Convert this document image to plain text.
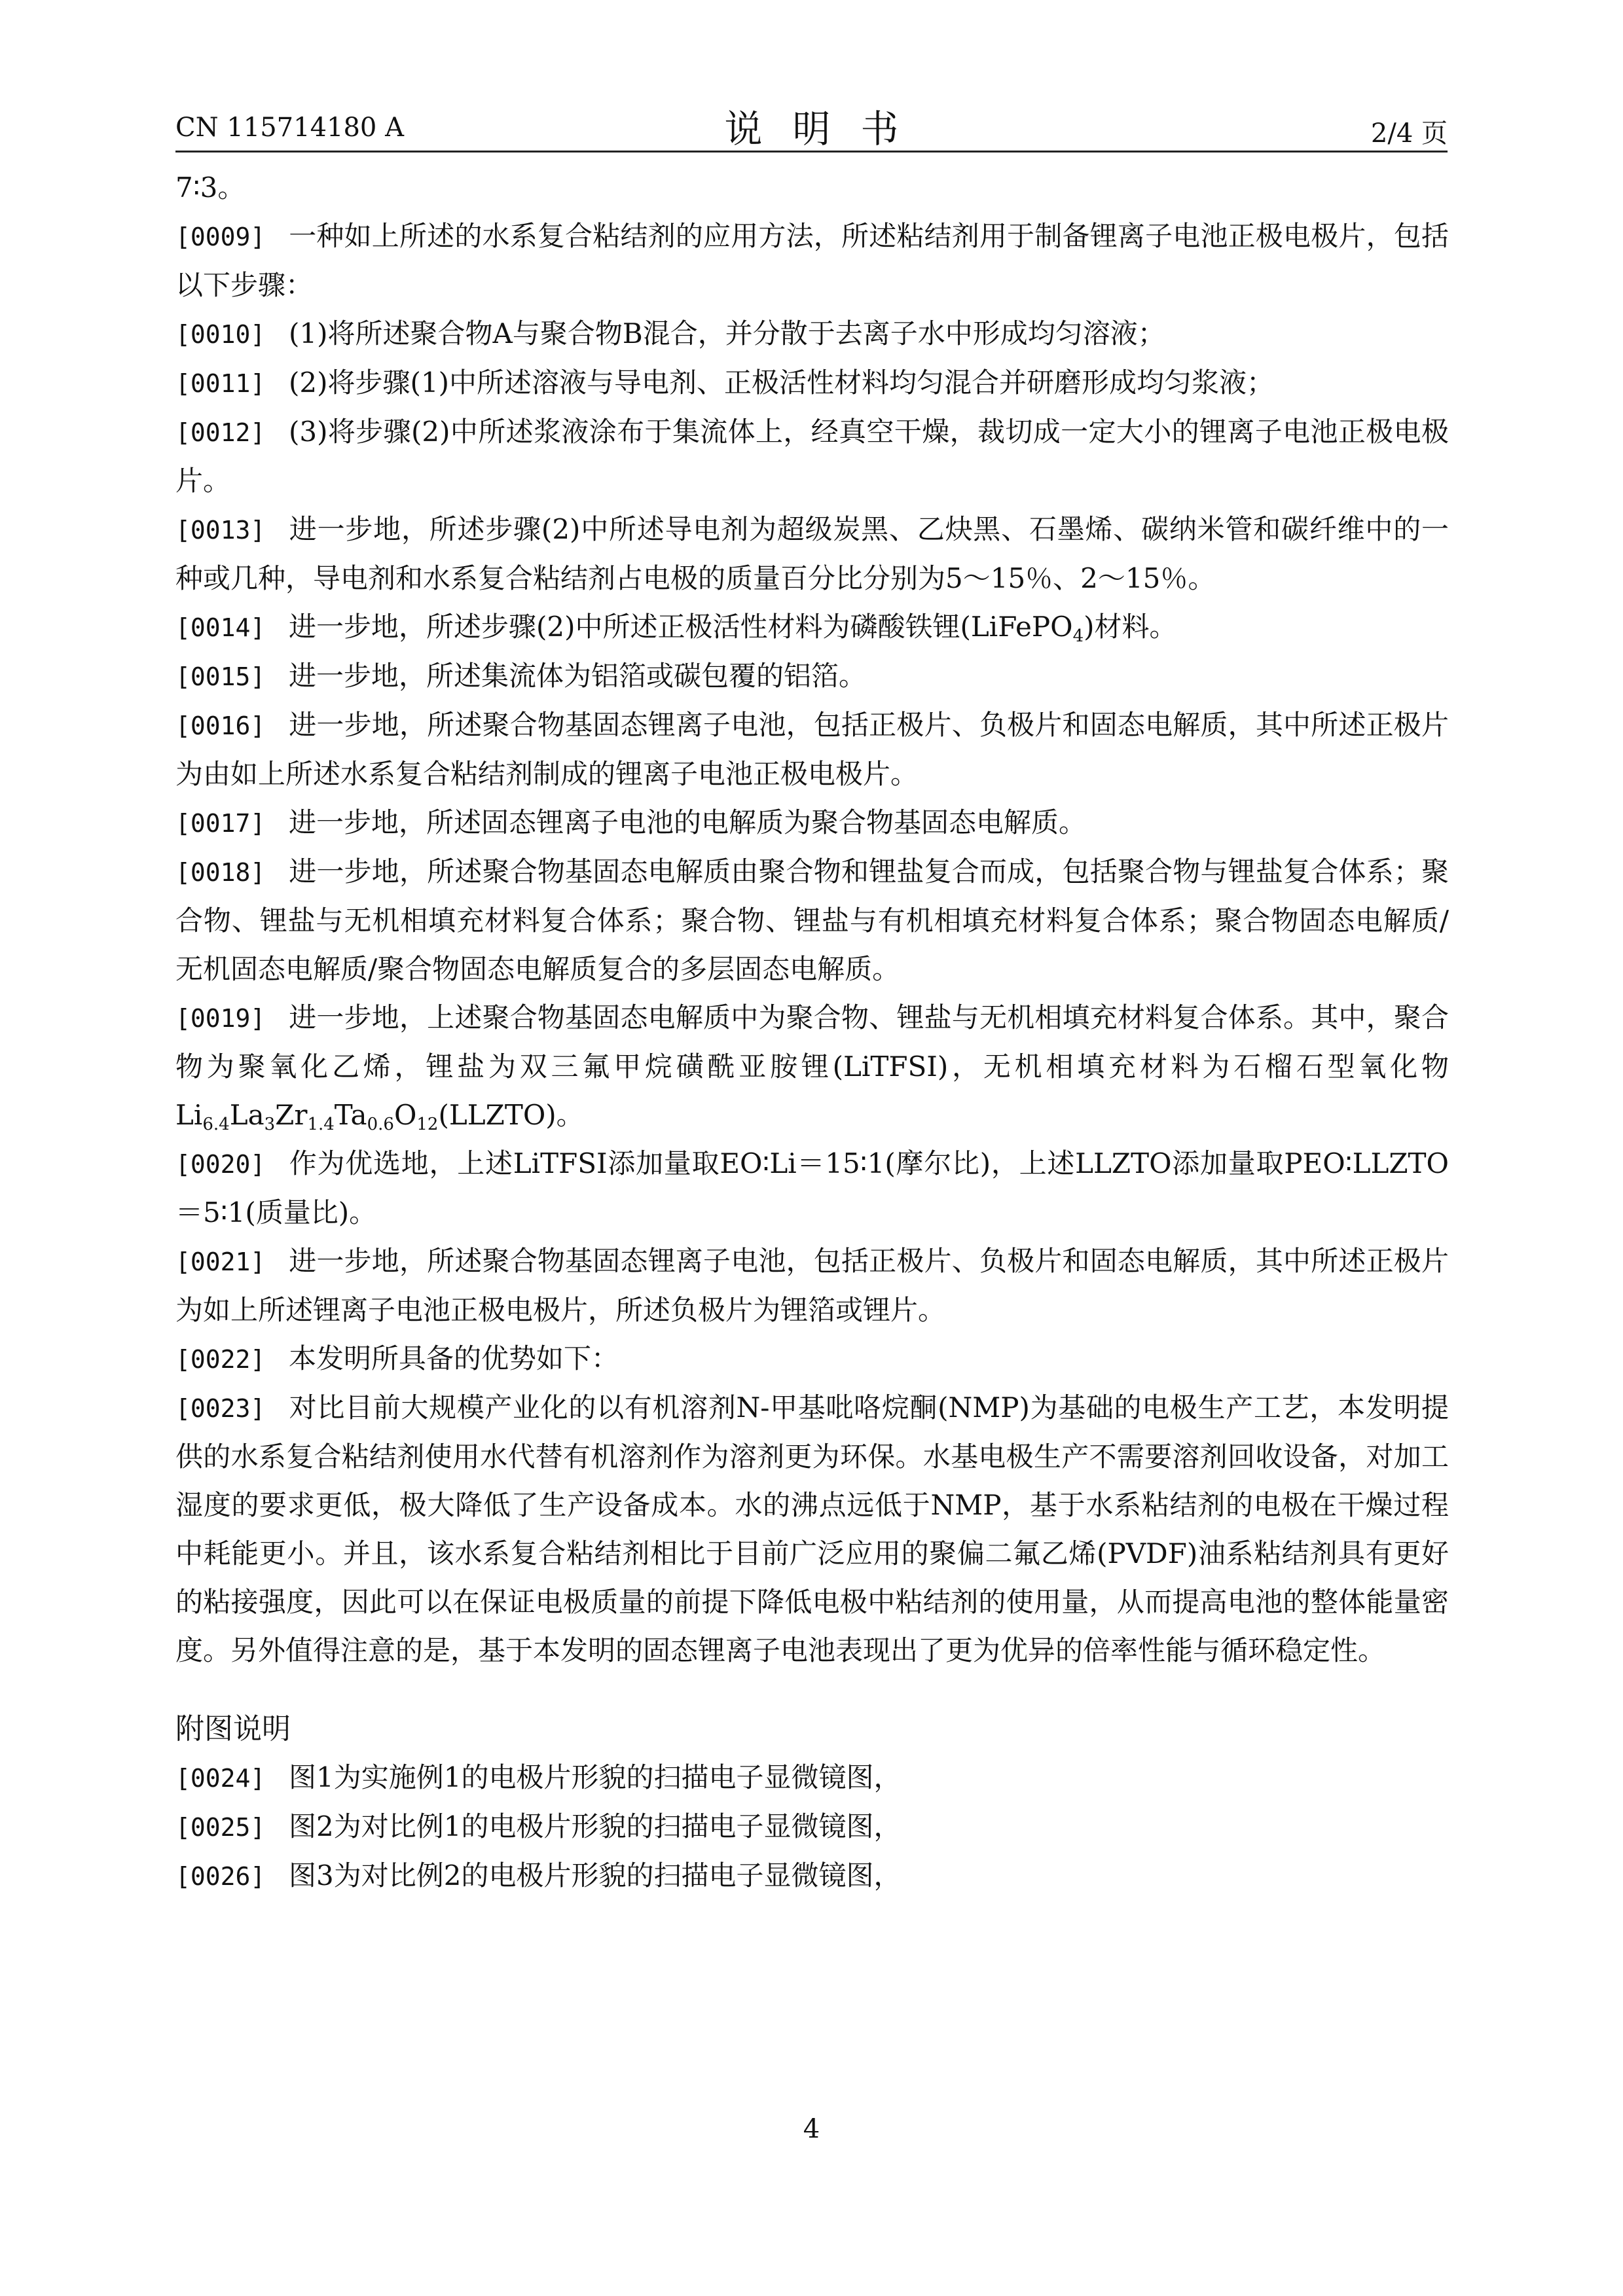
CN 115714180 A	说明书	2/4 页
7∶3。
[0009] 一种如上所述的水系复合粘结剂的应用方法，所述粘结剂用于制备锂离子电池正极电极片，包括以下步骤：
[0010] (1)将所述聚合物A与聚合物B混合，并分散于去离子水中形成均匀溶液；
[0011] (2)将步骤(1)中所述溶液与导电剂、正极活性材料均匀混合并研磨形成均匀浆液；
[0012] (3)将步骤(2)中所述浆液涂布于集流体上，经真空干燥，裁切成一定大小的锂离子电池正极电极片。
[0013] 进一步地，所述步骤(2)中所述导电剂为超级炭黑、乙炔黑、石墨烯、碳纳米管和碳纤维中的一种或几种，导电剂和水系复合粘结剂占电极的质量百分比分别为5～15％、2～15％。
[0014] 进一步地，所述步骤(2)中所述正极活性材料为磷酸铁锂(LiFePO$_4$)材料。
[0015] 进一步地，所述集流体为铝箔或碳包覆的铝箔。
[0016] 进一步地，所述聚合物基固态锂离子电池，包括正极片、负极片和固态电解质，其中所述正极片为由如上所述水系复合粘结剂制成的锂离子电池正极电极片。
[0017] 进一步地，所述固态锂离子电池的电解质为聚合物基固态电解质。
[0018] 进一步地，所述聚合物基固态电解质由聚合物和锂盐复合而成，包括聚合物与锂盐复合体系；聚合物、锂盐与无机相填充材料复合体系；聚合物、锂盐与有机相填充材料复合体系；聚合物固态电解质/无机固态电解质/聚合物固态电解质复合的多层固态电解质。
[0019] 进一步地，上述聚合物基固态电解质中为聚合物、锂盐与无机相填充材料复合体系。其中，聚合物为聚氧化乙烯，锂盐为双三氟甲烷磺酰亚胺锂(LiTFSI)，无机相填充材料为石榴石型氧化物$Li_{6.4}La_3Zr_{1.4}Ta_{0.6}O_{12}(LLZTO)$。
[0020] 作为优选地，上述LiTFSI添加量取EO∶Li＝15∶1(摩尔比)，上述LLZTO添加量取PEO∶LLZTO＝5∶1(质量比)。
[0021] 进一步地，所述聚合物基固态锂离子电池，包括正极片、负极片和固态电解质，其中所述正极片为如上所述锂离子电池正极电极片，所述负极片为锂箔或锂片。
[0022] 本发明所具备的优势如下：
[0023] 对比目前大规模产业化的以有机溶剂N-甲基吡咯烷酮(NMP)为基础的电极生产工艺，本发明提供的水系复合粘结剂使用水代替有机溶剂作为溶剂更为环保。水基电极生产不需要溶剂回收设备，对加工湿度的要求更低，极大降低了生产设备成本。水的沸点远低于NMP，基于水系粘结剂的电极在干燥过程中耗能更小。并且，该水系复合粘结剂相比于目前广泛应用的聚偏二氟乙烯(PVDF)油系粘结剂具有更好的粘接强度，因此可以在保证电极质量的前提下降低电极中粘结剂的使用量，从而提高电池的整体能量密度。另外值得注意的是，基于本发明的固态锂离子电池表现出了更为优异的倍率性能与循环稳定性。
附图说明
[0024] 图1为实施例1的电极片形貌的扫描电子显微镜图，
[0025] 图2为对比例1的电极片形貌的扫描电子显微镜图，
[0026] 图3为对比例2的电极片形貌的扫描电子显微镜图，
4
